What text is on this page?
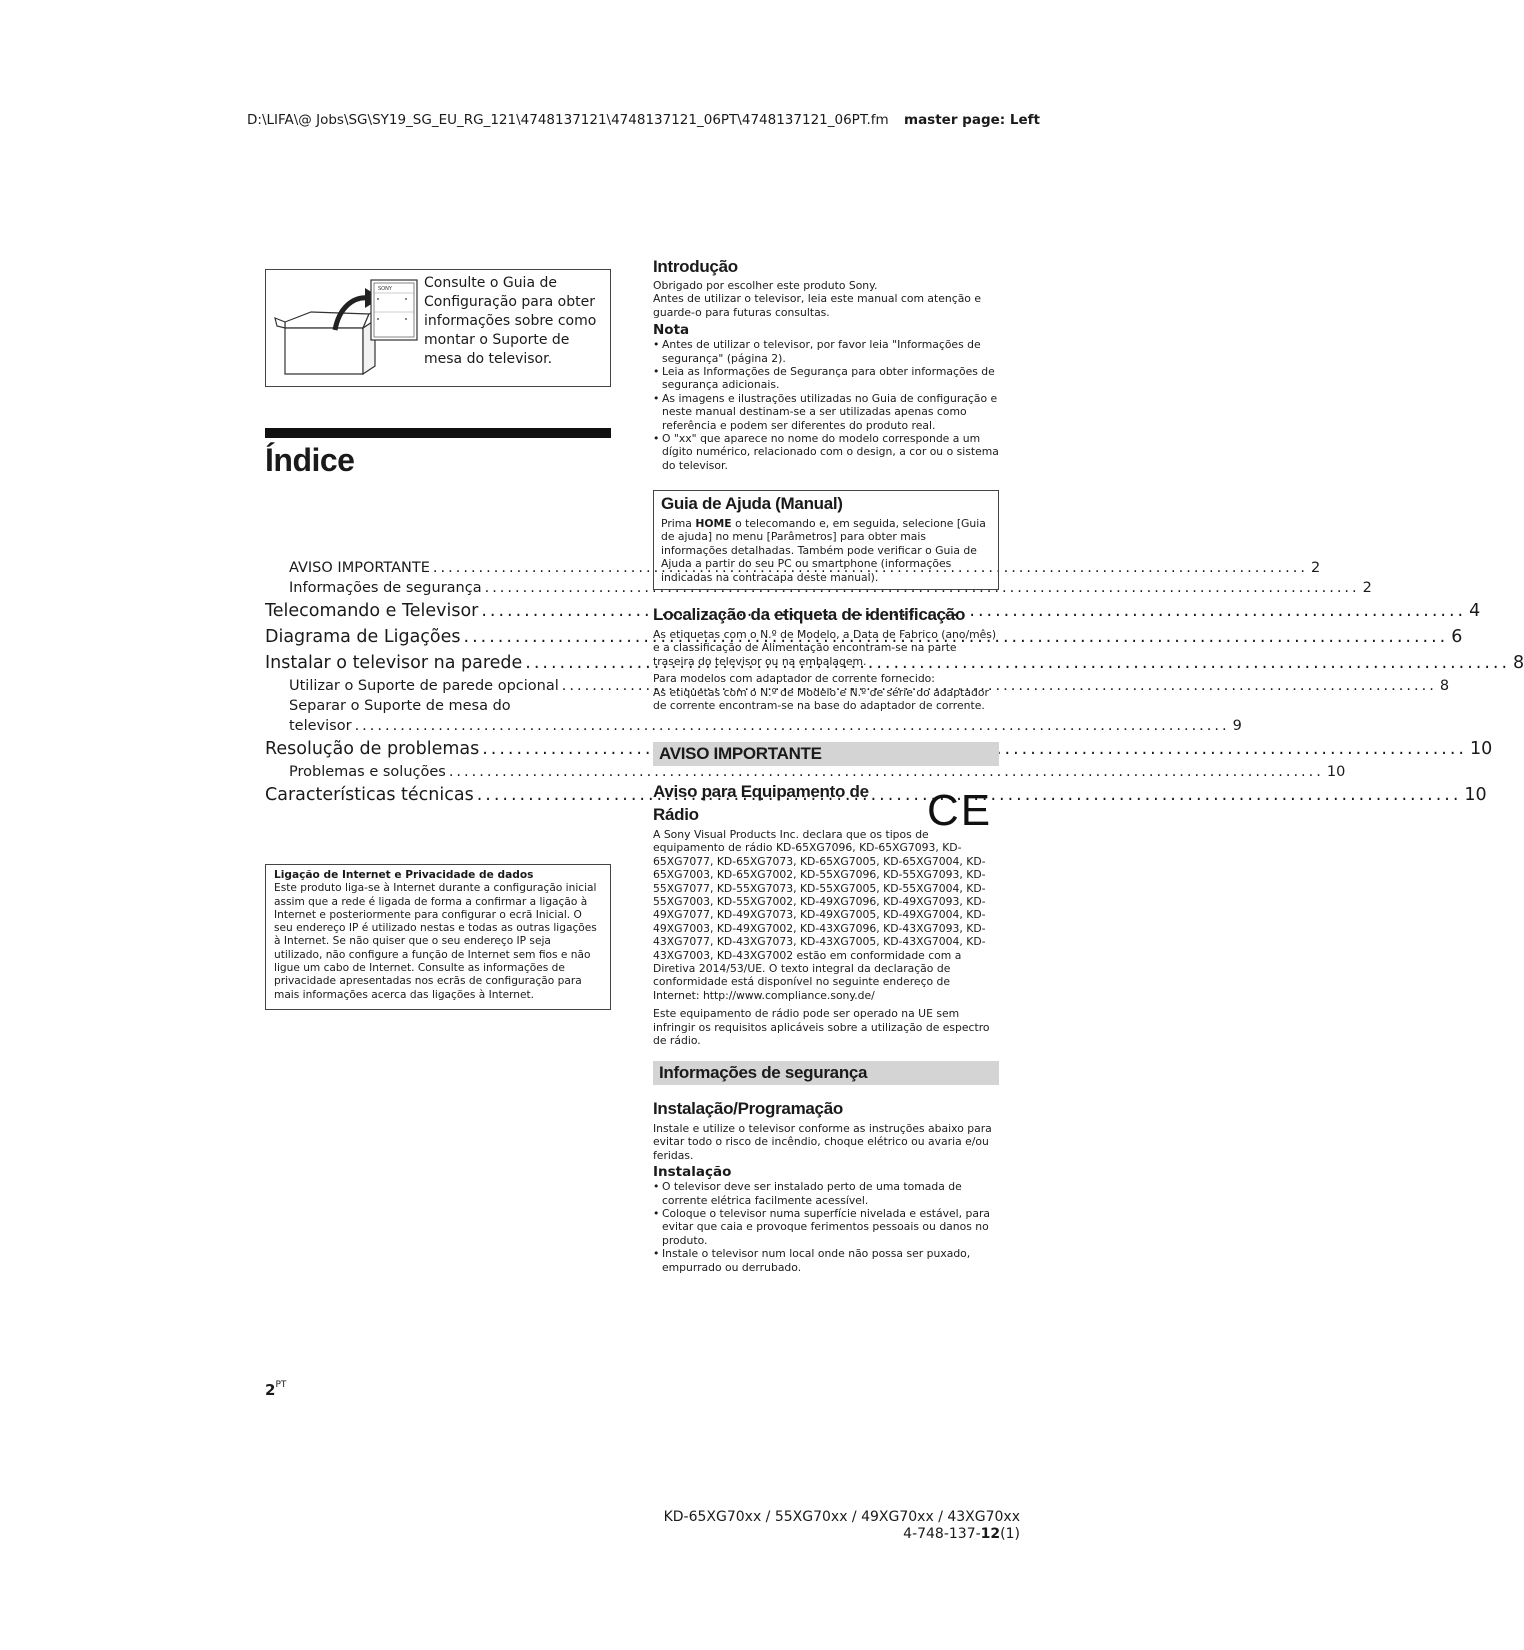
D:\LIFA\@ Jobs\SG\SY19_SG_EU_RG_121\4748137121\4748137121_06PT\4748137121_06PT.fm master page: Left
SONY Consulte o Guia de Configuração para obter informações sobre como montar o Suporte de mesa do televisor.
Índice
AVISO IMPORTANTE .....	2
Informações de segurança .....	2
Telecomando e Televisor .....	4
Diagrama de Ligações .....	6
Instalar o televisor na parede .....	8
Utilizar o Suporte de parede opcional .....	8
Separar o Suporte de mesa do
televisor .....	9
Resolução de problemas .....	10
Problemas e soluções .....	10
Características técnicas .....	10
Ligação de Internet e Privacidade de dados
Este produto liga-se à Internet durante a configuração inicial assim que a rede é ligada de forma a confirmar a ligação à Internet e posteriormente para configurar o ecrã Inicial. O seu endereço IP é utilizado nestas e todas as outras ligações à Internet. Se não quiser que o seu endereço IP seja utilizado, não configure a função de Internet sem fios e não ligue um cabo de Internet. Consulte as informações de privacidade apresentadas nos ecrãs de configuração para mais informações acerca das ligações à Internet.
$2^{PT}$
Introdução
Obrigado por escolher este produto Sony.
Antes de utilizar o televisor, leia este manual com atenção e guarde-o para futuras consultas.
Nota
• Antes de utilizar o televisor, por favor leia "Informações de segurança" (página 2).
• Leia as Informações de Segurança para obter informações de segurança adicionais.
• As imagens e ilustrações utilizadas no Guia de configuração e neste manual destinam-se a ser utilizadas apenas como referência e podem ser diferentes do produto real.
• O "xx" que aparece no nome do modelo corresponde a um dígito numérico, relacionado com o design, a cor ou o sistema do televisor.
Guia de Ajuda (Manual)
Prima HOME o telecomando e, em seguida, selecione [Guia de ajuda] no menu [Parâmetros] para obter mais informações detalhadas. Também pode verificar o Guia de Ajuda a partir do seu PC ou smartphone (informações indicadas na contracapa deste manual).
Localização da etiqueta de identificação
As etiquetas com o N.º de Modelo, a Data de Fabrico (ano/mês) e a classificação de Alimentação encontram-se na parte traseira do televisor ou na embalagem.
Para modelos com adaptador de corrente fornecido:
As etiquetas com o N.º de Modelo e N.º de série do adaptador de corrente encontram-se na base do adaptador de corrente.
AVISO IMPORTANTE
Aviso para Equipamento de Rádio
A Sony Visual Products Inc. declara que os tipos de equipamento de rádio KD-65XG7096, KD-65XG7093, KD-65XG7077, KD-65XG7073, KD-65XG7005, KD-65XG7004, KD-65XG7003, KD-65XG7002, KD-55XG7096, KD-55XG7093, KD-55XG7077, KD-55XG7073, KD-55XG7005, KD-55XG7004, KD-55XG7003, KD-55XG7002, KD-49XG7096, KD-49XG7093, KD-49XG7077, KD-49XG7073, KD-49XG7005, KD-49XG7004, KD-49XG7003, KD-49XG7002, KD-43XG7096, KD-43XG7093, KD-43XG7077, KD-43XG7073, KD-43XG7005, KD-43XG7004, KD-43XG7003, KD-43XG7002 estão em conformidade com a Diretiva 2014/53/UE. O texto integral da declaração de conformidade está disponível no seguinte endereço de Internet: http://www.compliance.sony.de/
Este equipamento de rádio pode ser operado na UE sem infringir os requisitos aplicáveis sobre a utilização de espectro de rádio.
CE
Informações de segurança
Instalação/Programação
Instale e utilize o televisor conforme as instruções abaixo para evitar todo o risco de incêndio, choque elétrico ou avaria e/ou feridas.
Instalação
• O televisor deve ser instalado perto de uma tomada de corrente elétrica facilmente acessível.
• Coloque o televisor numa superfície nivelada e estável, para evitar que caia e provoque ferimentos pessoais ou danos no produto.
• Instale o televisor num local onde não possa ser puxado, empurrado ou derrubado.
KD-65XG70xx / 55XG70xx / 49XG70xx / 43XG70xx
4-748-137-12(1)
